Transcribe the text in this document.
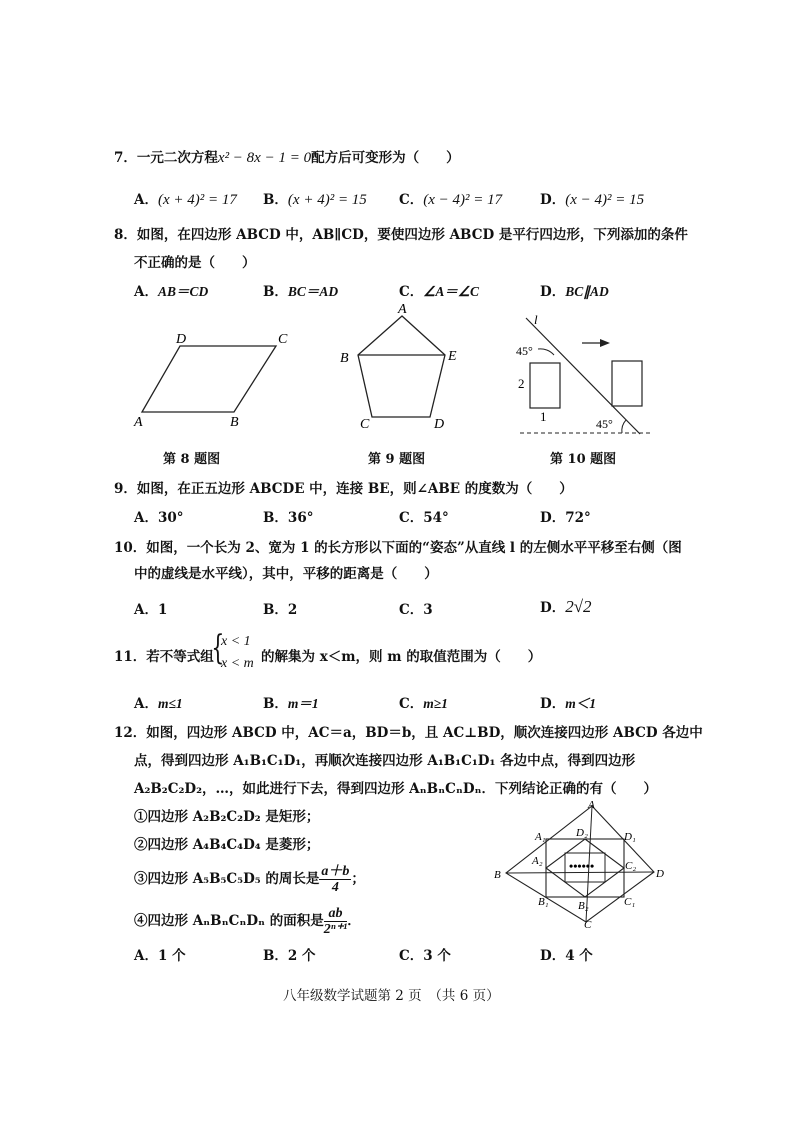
7．一元二次方程x² − 8x − 1 = 0配方后可变形为（　　）
A．(x + 4)² = 17 B．(x + 4)² = 15 C．(x − 4)² = 17	D．(x − 4)² = 15
8．如图，在四边形 ABCD 中，AB∥CD，要使四边形 ABCD 是平行四边形，下列添加的条件
不正确的是（　　）
A．AB＝CD	B．BC＝AD	C．∠A＝∠C	D．BC∥AD
D	C
A	B
第 8 题图
A
B	E
C	D
第 9 题图
l
45°
2
1	45°
第 10 题图
9．如图，在正五边形 ABCDE 中，连接 BE，则∠ABE 的度数为（　　）
A．30°	B．36°	C．54°	D．72°
10．如图，一个长为 2、宽为 1 的长方形以下面的“姿态”从直线 l 的左侧水平平移至右侧（图
中的虚线是水平线），其中，平移的距离是（　　）
A．1	B．2	C．3	D．2√2
11．若不等式组
{
x < 1
x < m 的解集为 x＜m，则 m 的取值范围为（　　）
A．m≤1	B．m＝1	C．m≥1	D．m＜1
12．如图，四边形 ABCD 中，AC＝a，BD＝b，且 AC⊥BD，顺次连接四边形 ABCD 各边中
点，得到四边形 A₁B₁C₁D₁，再顺次连接四边形 A₁B₁C₁D₁ 各边中点，得到四边形
A₂B₂C₂D₂，…，如此进行下去，得到四边形 AₙBₙCₙDₙ．下列结论正确的有（　　）
①四边形 A₂B₂C₂D₂ 是矩形；
②四边形 A₄B₄C₄D₄ 是菱形；
③四边形 A₅B₅C₅D₅ 的周长是 $\frac{a+b}{4}$ ；
④四边形 AₙBₙCₙDₙ 的面积是 $\frac{ab}{\text{2ⁿ⁺¹}}$ ．
••••••
A
A₁	D₂	D₁
A₂	C₂
B	D
B₁	B₂	C₁
C
A．1 个	B．2 个	C．3 个	D．4 个
八年级数学试题第 2 页　（共 6 页）
